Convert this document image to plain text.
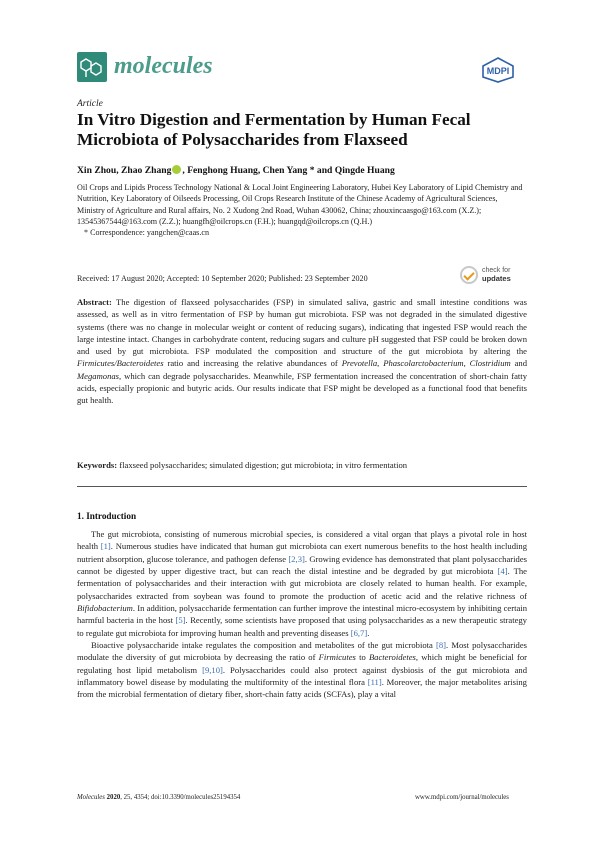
molecules	MDPI
Article
In Vitro Digestion and Fermentation by Human Fecal Microbiota of Polysaccharides from Flaxseed
Xin Zhou, Zhao Zhang , Fenghong Huang, Chen Yang * and Qingde Huang

Oil Crops and Lipids Process Technology National & Local Joint Engineering Laboratory, Hubei Key Laboratory of Lipid Chemistry and Nutrition, Key Laboratory of Oilseeds Processing, Oil Crops Research Institute of the Chinese Academy of Agricultural Sciences, Ministry of Agriculture and Rural affairs, No. 2 Xudong 2nd Road, Wuhan 430062, China; zhouxincaasgo@163.com (X.Z.); 13545367544@163.com (Z.Z.); huangfh@oilcrops.cn (F.H.); huangqd@oilcrops.cn (Q.H.)

* Correspondence: yangchen@caas.cn

Received: 17 August 2020; Accepted: 10 September 2020; Published: 23 September 2020
check for
updates
Abstract: The digestion of flaxseed polysaccharides (FSP) in simulated saliva, gastric and small intestine conditions was assessed, as well as in vitro fermentation of FSP by human gut microbiota. FSP was not degraded in the simulated digestive systems (there was no change in molecular weight or content of reducing sugars), indicating that ingested FSP would reach the large intestine intact. Changes in carbohydrate content, reducing sugars and culture pH suggested that FSP could be broken down and used by gut microbiota. FSP modulated the composition and structure of the gut microbiota by altering the Firmicutes/Bacteroidetes ratio and increasing the relative abundances of Prevotella, Phascolarctobacterium, Clostridium and Megamonas, which can degrade polysaccharides. Meanwhile, FSP fermentation increased the concentration of short-chain fatty acids, especially propionic and butyric acids. Our results indicate that FSP might be developed as a functional food that benefits gut health.
Keywords: flaxseed polysaccharides; simulated digestion; gut microbiota; in vitro fermentation
1. Introduction

The gut microbiota, consisting of numerous microbial species, is considered a vital organ that plays a pivotal role in host health [1]. Numerous studies have indicated that human gut microbiota can exert numerous benefits to the host health including nutrient absorption, glucose tolerance, and pathogen defense [2,3]. Growing evidence has demonstrated that plant polysaccharides cannot be digested by upper digestive tract, but can reach the distal intestine and be degraded by gut microbiota [4]. The fermentation of polysaccharides and their interaction with gut microbiota are closely related to human health. For example, polysaccharides extracted from soybean was found to promote the production of acetic acid and the relative richness of Bifidobacterium. In addition, polysaccharide fermentation can further improve the intestinal micro-ecosystem by inhibiting certain harmful bacteria in the host [5]. Recently, some scientists have proposed that using polysaccharides as a new therapeutic strategy to regulate gut microbiota for improving human health and preventing diseases [6,7].

Bioactive polysaccharide intake regulates the composition and metabolites of the gut microbiota [8]. Most polysaccharides modulate the diversity of gut microbiota by decreasing the ratio of Firmicutes to Bacteroidetes, which might be beneficial for regulating host lipid metabolism [9,10]. Polysaccharides could also protect against dysbiosis of the gut microbiota and inflammatory bowel disease by modulating the multiformity of the intestinal flora [11]. Moreover, the major metabolites arising from the microbial fermentation of dietary fiber, short-chain fatty acids (SCFAs), play a vital

Molecules 2020, 25, 4354; doi:10.3390/molecules25194354	www.mdpi.com/journal/molecules
